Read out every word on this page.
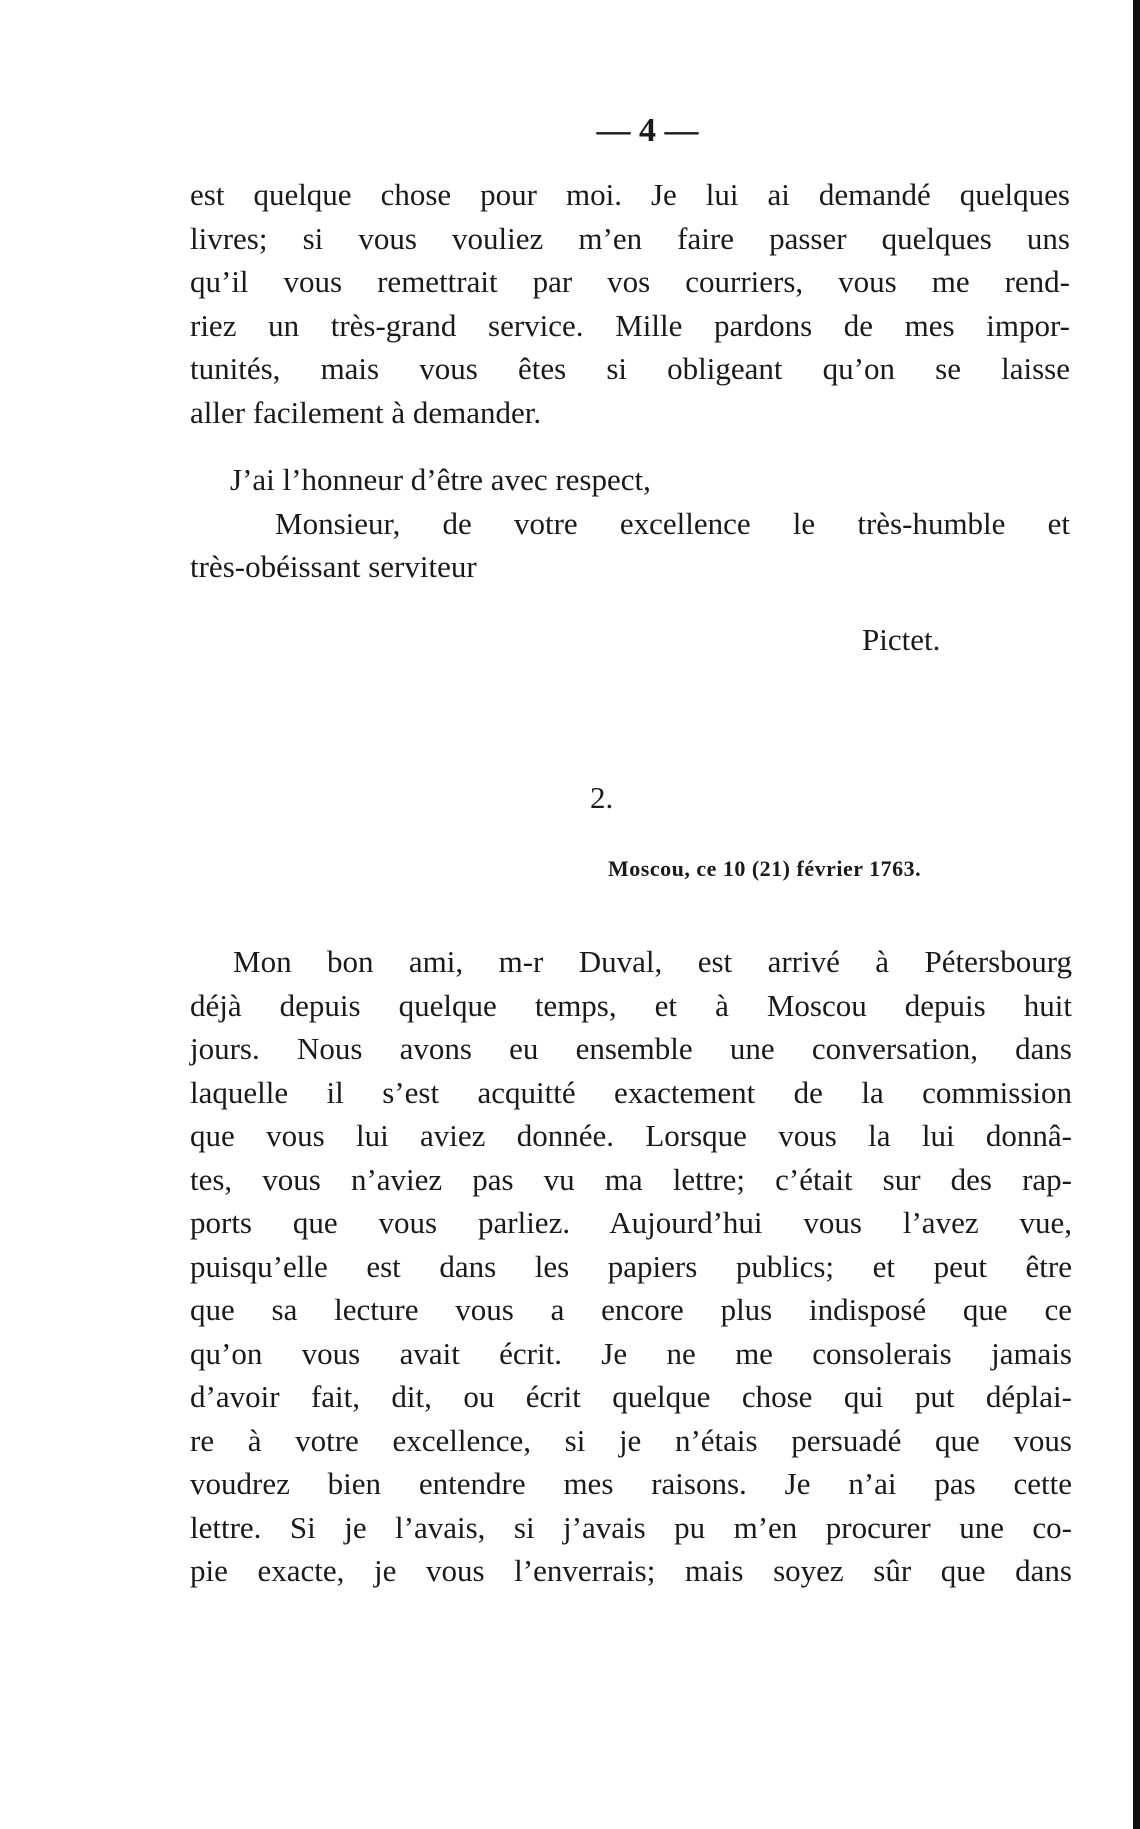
— 4 —
est quelque chose pour moi. Je lui ai demandé quelques
livres; si vous vouliez m’en faire passer quelques uns
qu’il vous remettrait par vos courriers, vous me rend-
riez un très-grand service. Mille pardons de mes impor-
tunités, mais vous êtes si obligeant qu’on se laisse
aller facilement à demander.
J’ai l’honneur d’être avec respect,
Monsieur, de votre excellence le très-humble et
très-obéissant serviteur
Pictet.
2.
Moscou, ce 10 (21) février 1763.
Mon bon ami, m-r Duval, est arrivé à Pétersbourg
déjà depuis quelque temps, et à Moscou depuis huit
jours. Nous avons eu ensemble une conversation, dans
laquelle il s’est acquitté exactement de la commission
que vous lui aviez donnée. Lorsque vous la lui donnâ-
tes, vous n’aviez pas vu ma lettre; c’était sur des rap-
ports que vous parliez. Aujourd’hui vous l’avez vue,
puisqu’elle est dans les papiers publics; et peut être
que sa lecture vous a encore plus indisposé que ce
qu’on vous avait écrit. Je ne me consolerais jamais
d’avoir fait, dit, ou écrit quelque chose qui put déplai-
re à votre excellence, si je n’étais persuadé que vous
voudrez bien entendre mes raisons. Je n’ai pas cette
lettre. Si je l’avais, si j’avais pu m’en procurer une co-
pie exacte, je vous l’enverrais; mais soyez sûr que dans
